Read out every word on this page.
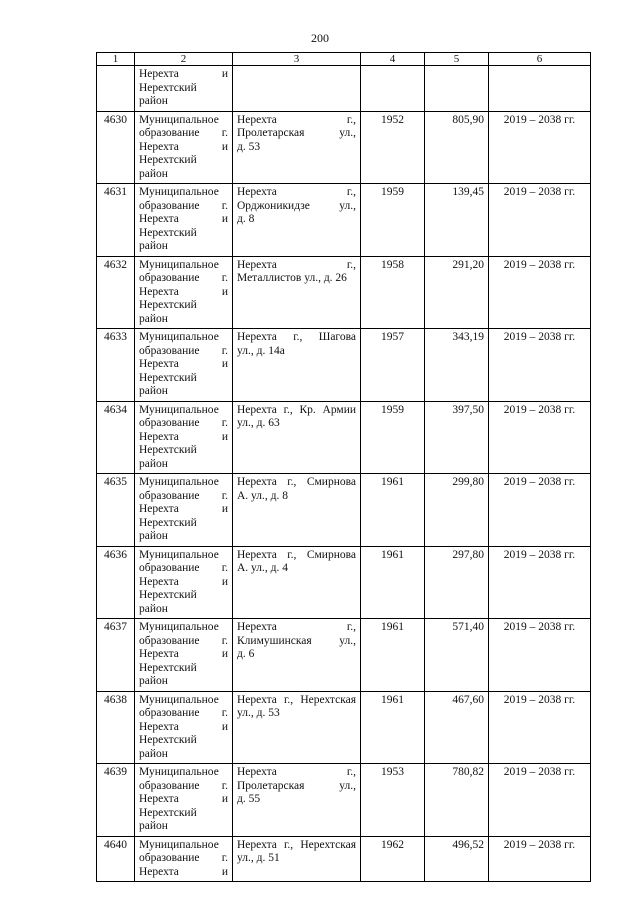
200
1	2	3	4	5	6

	Нерехта и
Нерехтский
район				

4630	Муниципальное
образование г.
Нерехта и
Нерехтский
район	Нерехта г.,
Пролетарская ул.,
д. 53	1952	805,90	2019 – 2038 гг.
4631	Муниципальное
образование г.
Нерехта и
Нерехтский
район	Нерехта г.,
Орджоникидзе ул.,
д. 8	1959	139,45	2019 – 2038 гг.
4632	Муниципальное
образование г.
Нерехта и
Нерехтский
район	Нерехта г.,
Металлистов ул., д. 26	1958	291,20	2019 – 2038 гг.
4633	Муниципальное
образование г.
Нерехта и
Нерехтский
район	Нерехта г., Шагова
ул., д. 14а	1957	343,19	2019 – 2038 гг.
4634	Муниципальное
образование г.
Нерехта и
Нерехтский
район	Нерехта г., Кр. Армии
ул., д. 63	1959	397,50	2019 – 2038 гг.
4635	Муниципальное
образование г.
Нерехта и
Нерехтский
район	Нерехта г., Смирнова
А. ул., д. 8	1961	299,80	2019 – 2038 гг.
4636	Муниципальное
образование г.
Нерехта и
Нерехтский
район	Нерехта г., Смирнова
А. ул., д. 4	1961	297,80	2019 – 2038 гг.
4637	Муниципальное
образование г.
Нерехта и
Нерехтский
район	Нерехта г.,
Климушинская ул.,
д. 6	1961	571,40	2019 – 2038 гг.
4638	Муниципальное
образование г.
Нерехта и
Нерехтский
район	Нерехта г., Нерехтская
ул., д. 53	1961	467,60	2019 – 2038 гг.
4639	Муниципальное
образование г.
Нерехта и
Нерехтский
район	Нерехта г.,
Пролетарская ул.,
д. 55	1953	780,82	2019 – 2038 гг.
4640	Муниципальное
образование г.
Нерехта и	Нерехта г., Нерехтская
ул., д. 51	1962	496,52	2019 – 2038 гг.
